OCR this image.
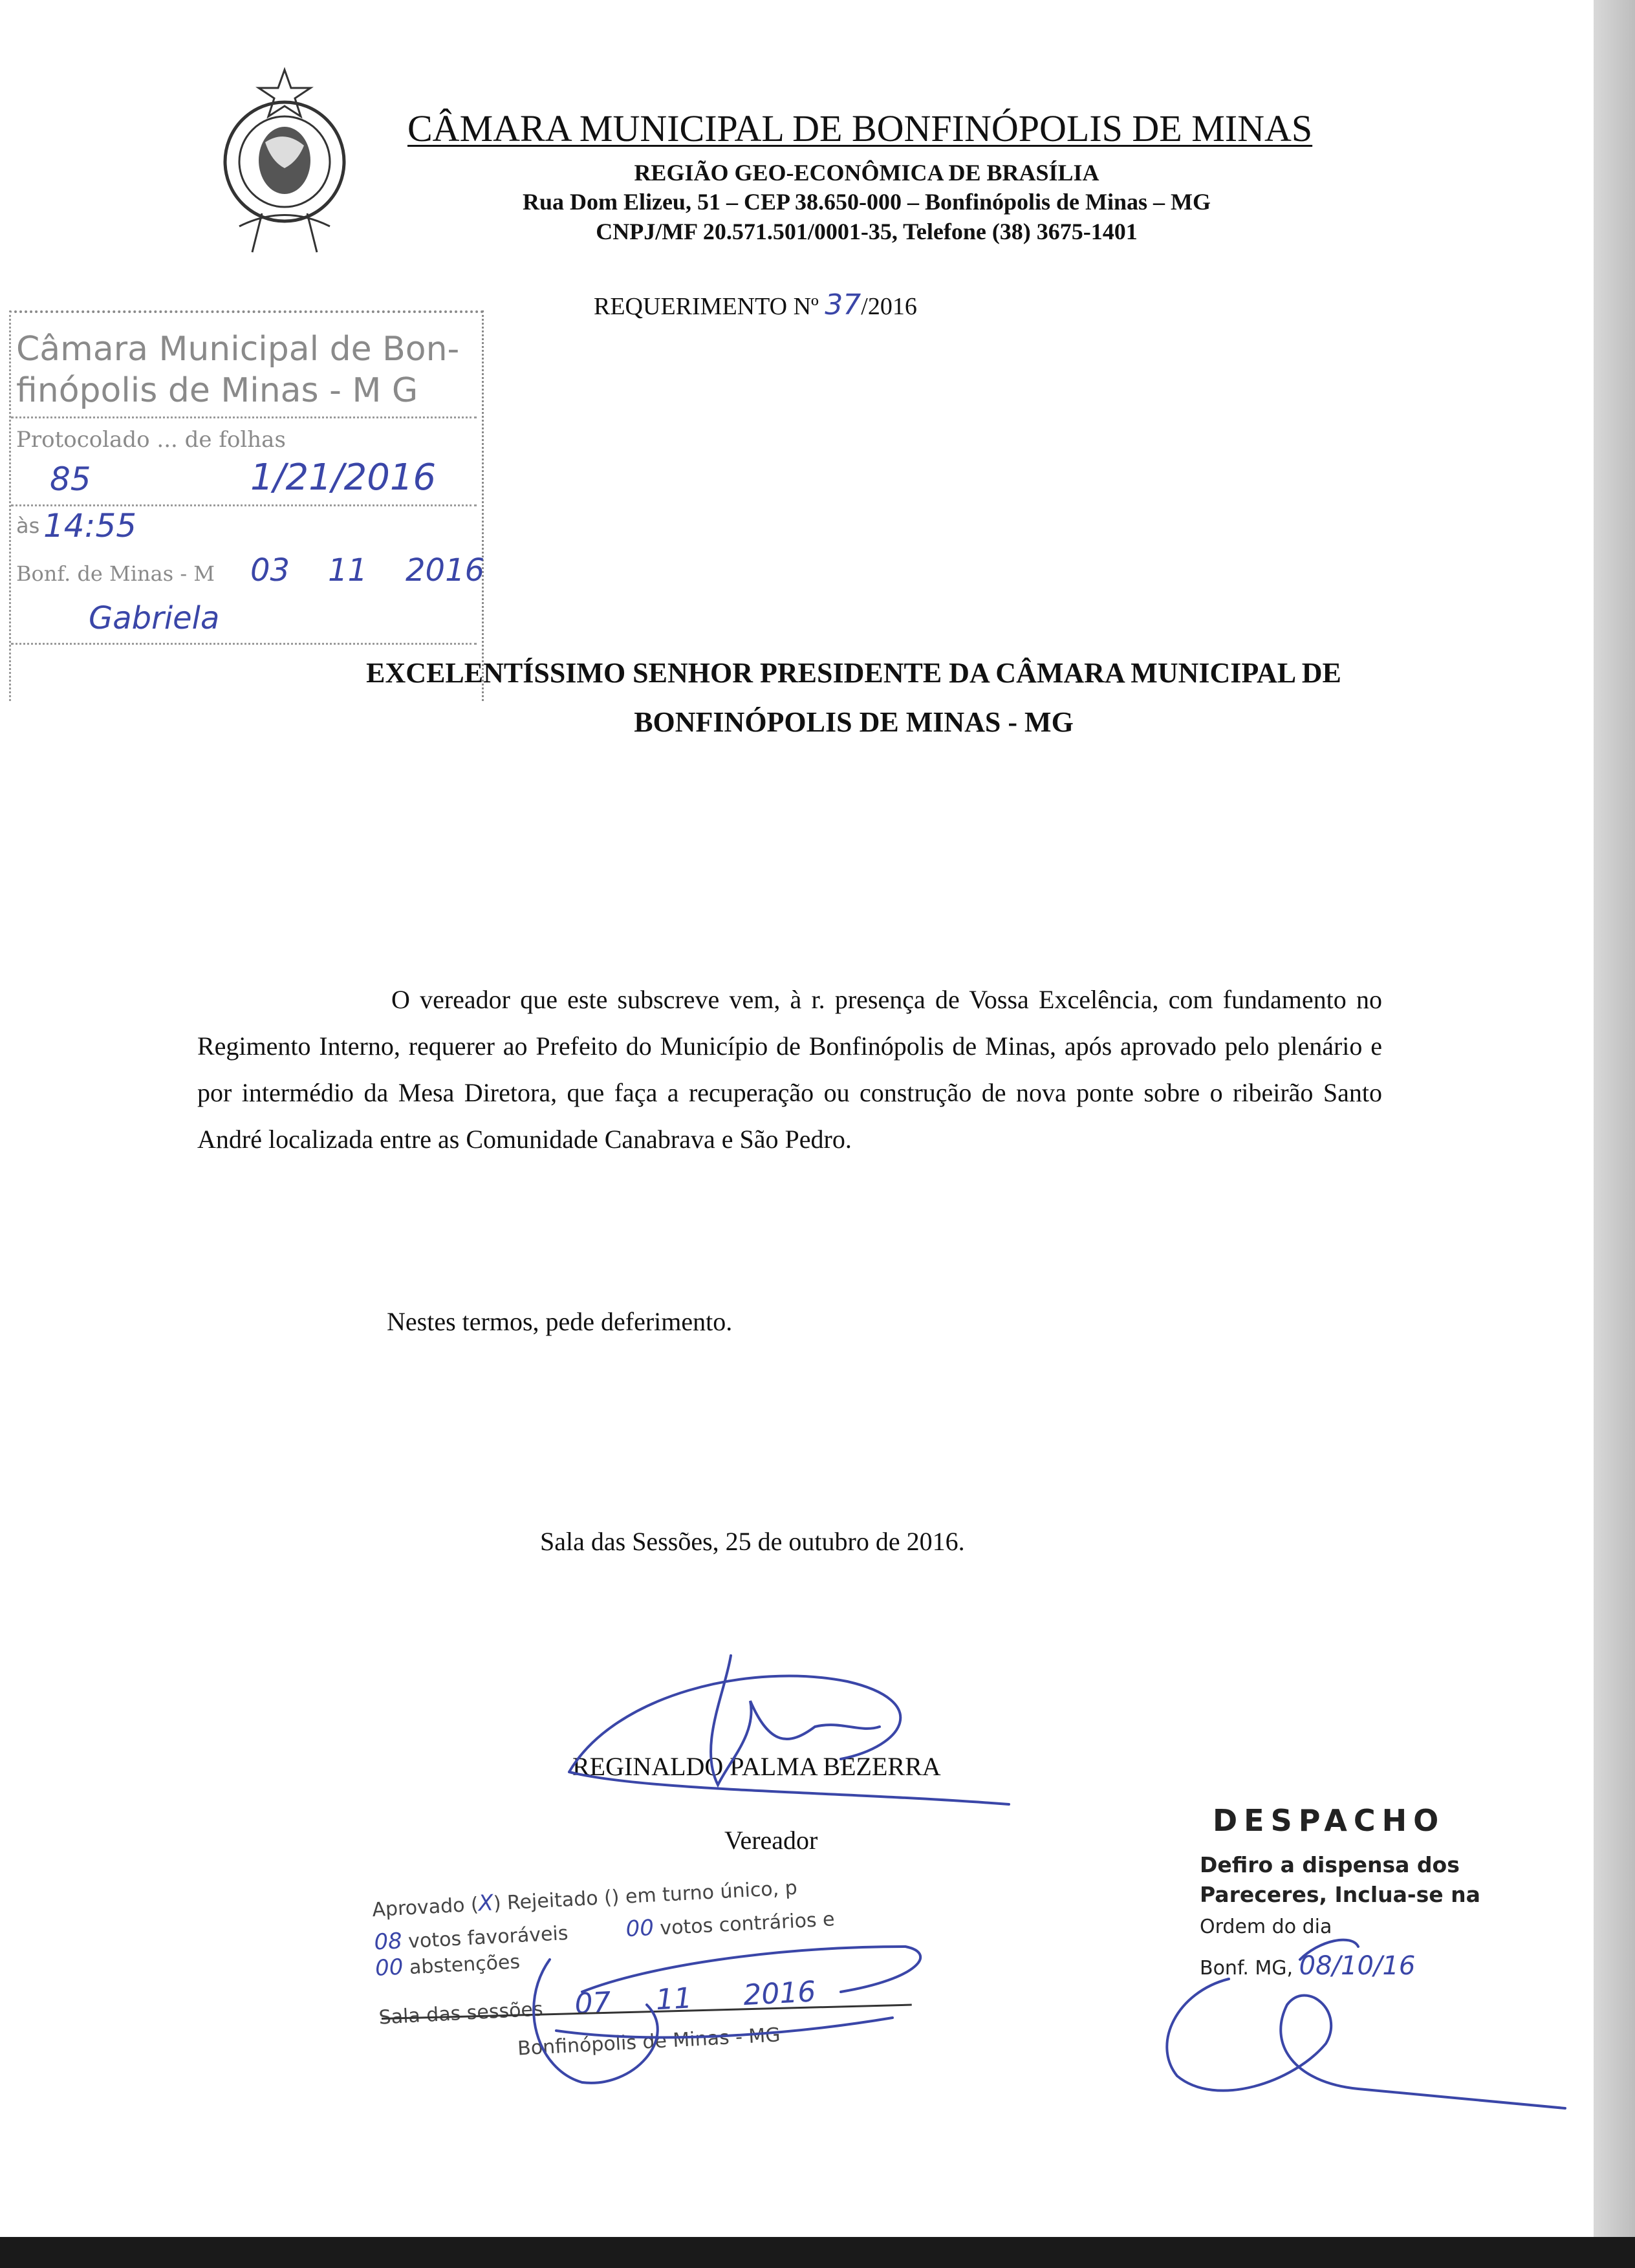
CÂMARA MUNICIPAL DE BONFINÓPOLIS DE MINAS
REGIÃO GEO-ECONÔMICA DE BRASÍLIA
Rua Dom Elizeu, 51 – CEP 38.650-000 – Bonfinópolis de Minas – MG
CNPJ/MF 20.571.501/0001-35, Telefone (38) 3675-1401
REQUERIMENTO Nº 37/2016
Câmara Municipal de Bon-
finópolis de Minas - M G
Protocolado ... de folhas
85	1/21/2016
às 14:55
Bonf. de Minas - M 03 11 2016
Gabriela
EXCELENTÍSSIMO SENHOR PRESIDENTE DA CÂMARA MUNICIPAL DE
BONFINÓPOLIS DE MINAS - MG

O vereador que este subscreve vem, à r. presença de Vossa Excelência, com fundamento no Regimento Interno, requerer ao Prefeito do Município de Bonfinópolis de Minas, após aprovado pelo plenário e por intermédio da Mesa Diretora, que faça a recuperação ou construção de nova ponte sobre o ribeirão Santo André localizada entre as Comunidade Canabrava e São Pedro.

Nestes termos, pede deferimento.
Sala das Sessões, 25 de outubro de 2016.
REGINALDO PALMA BEZERRA
Vereador
Aprovado (X) Rejeitado () em turno único, p
08 votos favoráveis	00 votos contrários e
00 abstenções
Sala das sessões 07 11 2016
Bonfinópolis de Minas - MG
DESPACHO
Defiro a dispensa dos
Pareceres, Inclua-se na
Ordem do dia
Bonf. MG, 08/10/16
